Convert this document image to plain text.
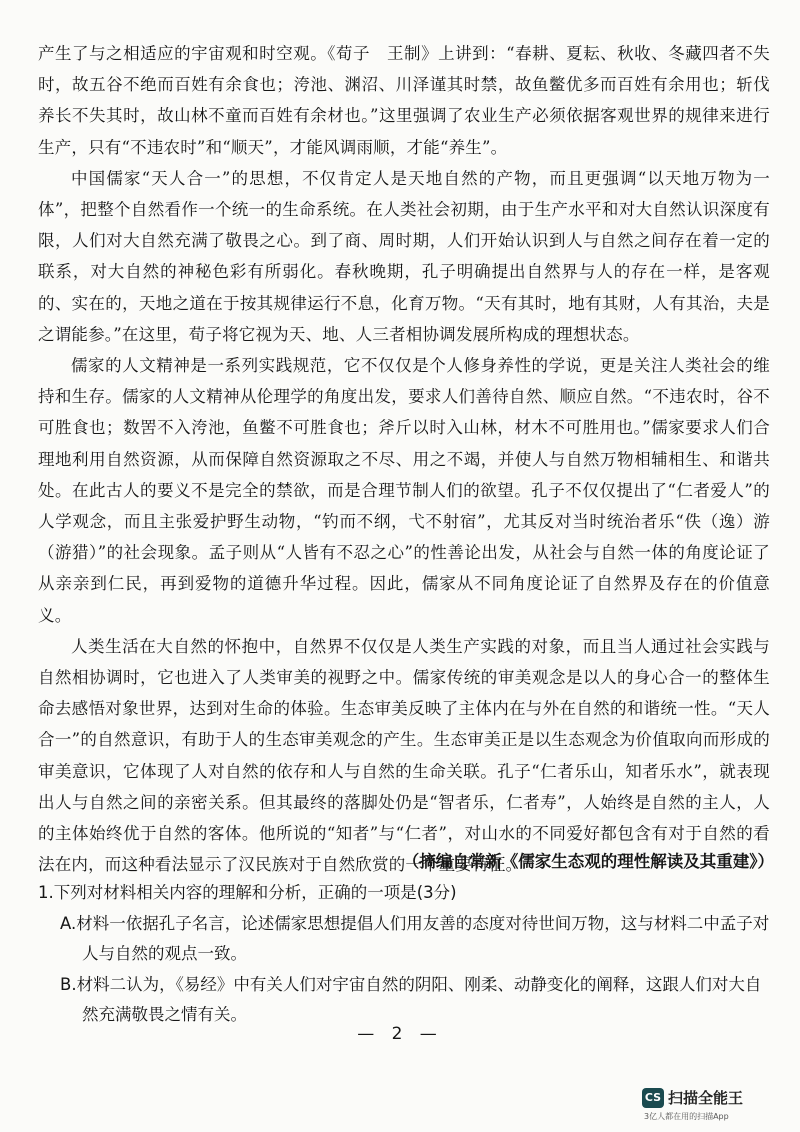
产生了与之相适应的宇宙观和时空观。《荀子　王制》上讲到：“春耕、夏耘、秋收、冬藏四者不失时，故五谷不绝而百姓有余食也；洿池、渊沼、川泽谨其时禁，故鱼鳖优多而百姓有余用也；斩伐养长不失其时，故山林不童而百姓有余材也。”这里强调了农业生产必须依据客观世界的规律来进行生产，只有“不违农时”和“顺天”，才能风调雨顺，才能“养生”。

中国儒家“天人合一”的思想，不仅肯定人是天地自然的产物，而且更强调“以天地万物为一体”，把整个自然看作一个统一的生命系统。在人类社会初期，由于生产水平和对大自然认识深度有限，人们对大自然充满了敬畏之心。到了商、周时期，人们开始认识到人与自然之间存在着一定的联系，对大自然的神秘色彩有所弱化。春秋晚期，孔子明确提出自然界与人的存在一样，是客观的、实在的，天地之道在于按其规律运行不息，化育万物。“天有其时，地有其财，人有其治，夫是之谓能参。”在这里，荀子将它视为天、地、人三者相协调发展所构成的理想状态。

儒家的人文精神是一系列实践规范，它不仅仅是个人修身养性的学说，更是关注人类社会的维持和生存。儒家的人文精神从伦理学的角度出发，要求人们善待自然、顺应自然。“不违农时，谷不可胜食也；数罟不入洿池，鱼鳖不可胜食也；斧斤以时入山林，材木不可胜用也。”儒家要求人们合理地利用自然资源，从而保障自然资源取之不尽、用之不竭，并使人与自然万物相辅相生、和谐共处。在此古人的要义不是完全的禁欲，而是合理节制人们的欲望。孔子不仅仅提出了“仁者爱人”的人学观念，而且主张爱护野生动物，“钓而不纲，弋不射宿”，尤其反对当时统治者乐“佚（逸）游（游猎）”的社会现象。孟子则从“人皆有不忍之心”的性善论出发，从社会与自然一体的角度论证了从亲亲到仁民，再到爱物的道德升华过程。因此，儒家从不同角度论证了自然界及存在的价值意义。

人类生活在大自然的怀抱中，自然界不仅仅是人类生产实践的对象，而且当人通过社会实践与自然相协调时，它也进入了人类审美的视野之中。儒家传统的审美观念是以人的身心合一的整体生命去感悟对象世界，达到对生命的体验。生态审美反映了主体内在与外在自然的和谐统一性。“天人合一”的自然意识，有助于人的生态审美观念的产生。生态审美正是以生态观念为价值取向而形成的审美意识，它体现了人对自然的依存和人与自然的生命关联。孔子“仁者乐山，知者乐水”，就表现出人与自然之间的亲密关系。但其最终的落脚处仍是“智者乐，仁者寿”，人始终是自然的主人，人的主体始终优于自然的客体。他所说的“知者”与“仁者”，对山水的不同爱好都包含有对于自然的看法在内，而这种看法显示了汉民族对于自然欣赏的一个重要特征。

（摘编自常新《儒家生态观的理性解读及其重建》）

1.下列对材料相关内容的理解和分析，正确的一项是(3分)

A.材料一依据孔子名言，论述儒家思想提倡人们用友善的态度对待世间万物，这与材料二中孟子对人与自然的观点一致。

B.材料二认为，《易经》中有关人们对宇宙自然的阴阳、刚柔、动静变化的阐释，这跟人们对大自然充满敬畏之情有关。

— 2 —
CS 扫描全能王
3亿人都在用的扫描App
